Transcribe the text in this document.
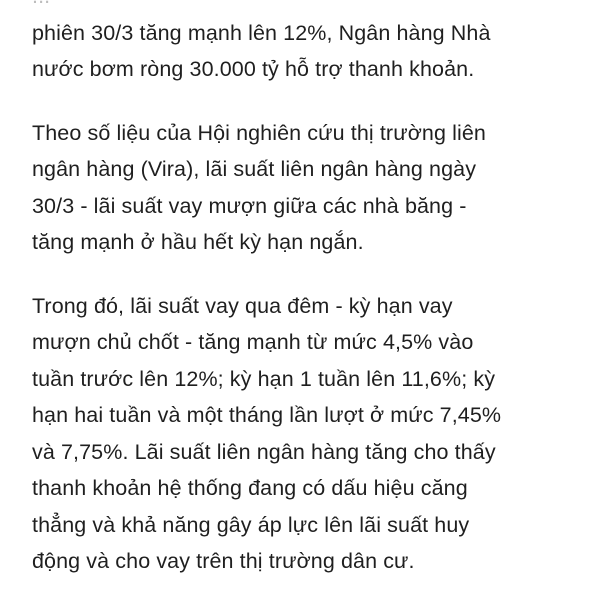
phiên 30/3 tăng mạnh lên 12%, Ngân hàng Nhà
nước bơm ròng 30.000 tỷ hỗ trợ thanh khoản.

Theo số liệu của Hội nghiên cứu thị trường liên
ngân hàng (Vira), lãi suất liên ngân hàng ngày
30/3 - lãi suất vay mượn giữa các nhà băng -
tăng mạnh ở hầu hết kỳ hạn ngắn.

Trong đó, lãi suất vay qua đêm - kỳ hạn vay
mượn chủ chốt - tăng mạnh từ mức 4,5% vào
tuần trước lên 12%; kỳ hạn 1 tuần lên 11,6%; kỳ
hạn hai tuần và một tháng lần lượt ở mức 7,45%
và 7,75%. Lãi suất liên ngân hàng tăng cho thấy
thanh khoản hệ thống đang có dấu hiệu căng
thẳng và khả năng gây áp lực lên lãi suất huy
động và cho vay trên thị trường dân cư.
